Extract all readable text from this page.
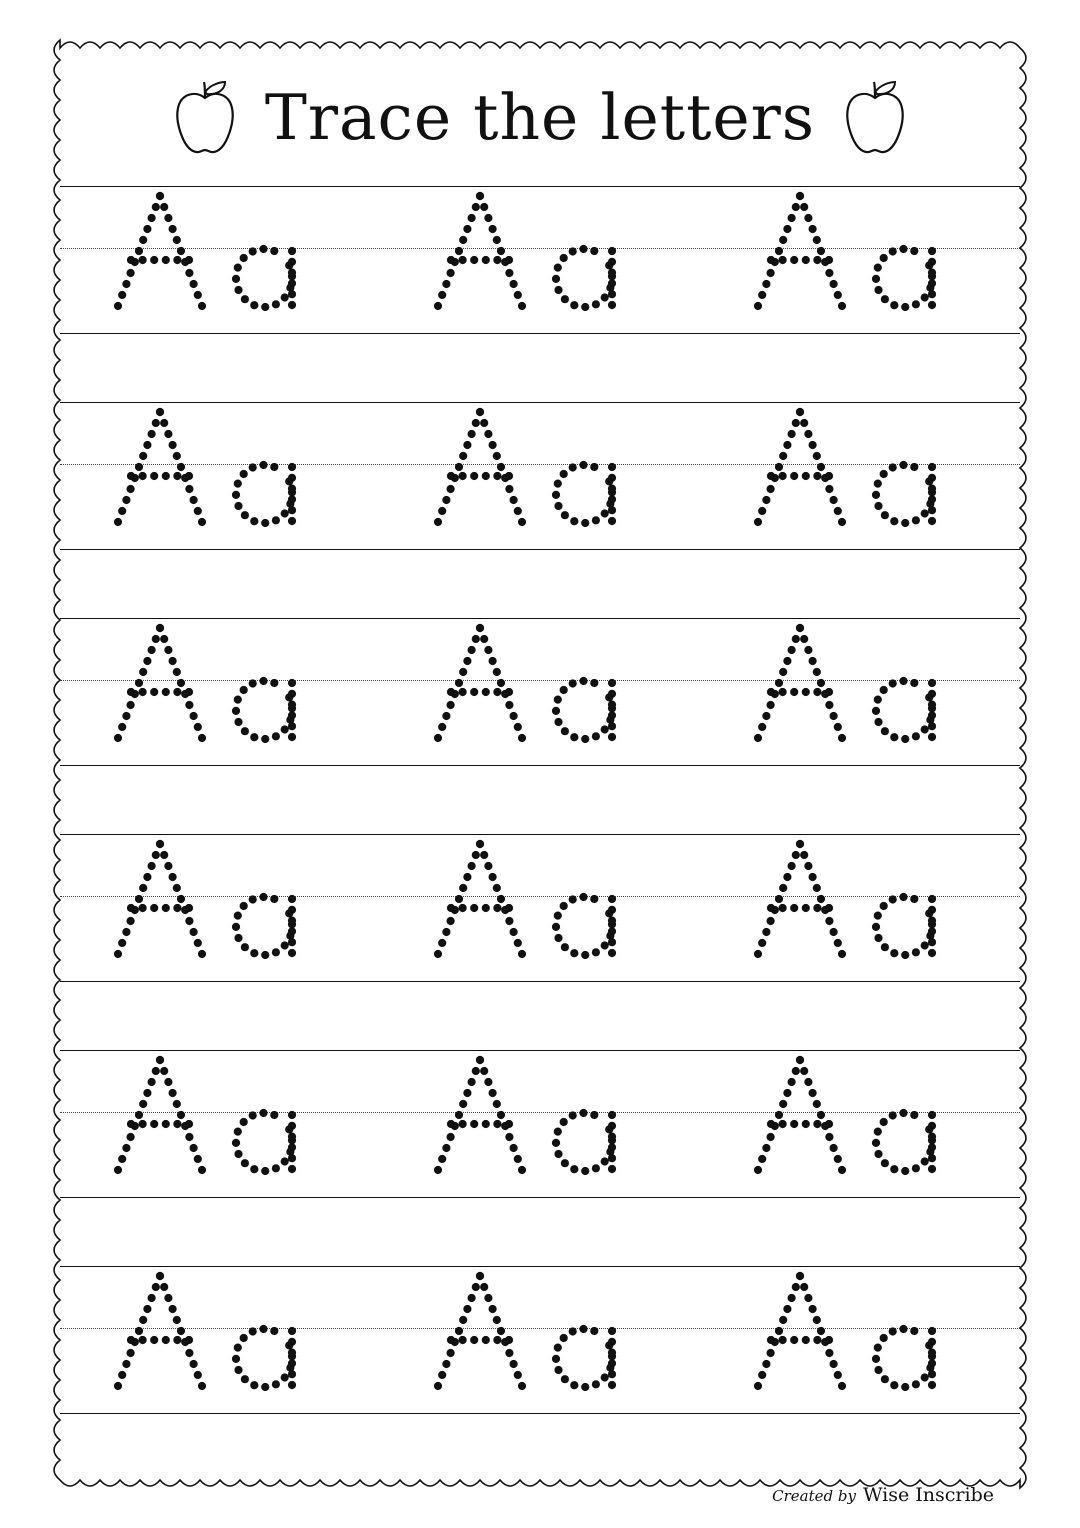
Trace the letters
Created by Wise Inscribe
